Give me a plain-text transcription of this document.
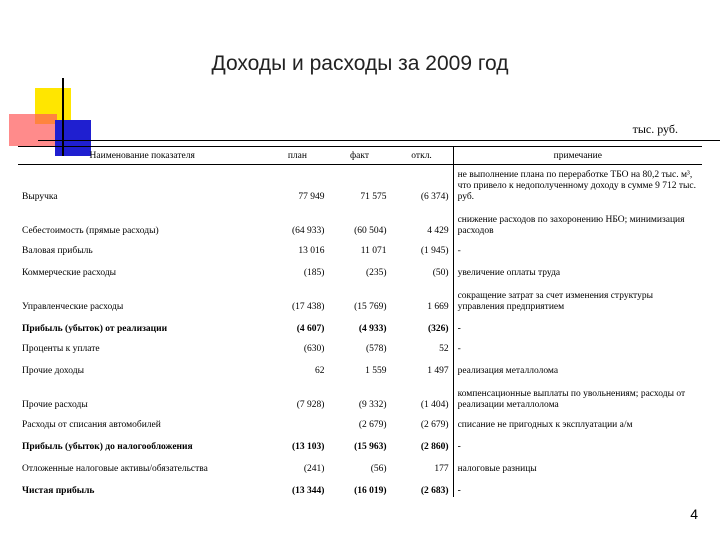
Доходы и расходы за 2009 год
тыс. руб.
Наименование показателя	план	факт	откл.	примечание
Выручка	77 949	71 575	(6 374)	не выполнение плана по переработке ТБО на 80,2 тыс. м³, что привело к недополученному доходу в сумме 9 712 тыс. руб.
Себестоимость (прямые расходы)	(64 933)	(60 504)	4 429	снижение расходов по захоронению НБО; минимизация расходов
Валовая прибыль	13 016	11 071	(1 945)	-
Коммерческие расходы	(185)	(235)	(50)	увеличение оплаты труда
Управленческие расходы	(17 438)	(15 769)	1 669	сокращение затрат за счет изменения структуры управления предприятием
Прибыль (убыток) от реализации	(4 607)	(4 933)	(326)	-
Проценты к уплате	(630)	(578)	52	-
Прочие доходы	62	1 559	1 497	реализация металлолома
Прочие расходы	(7 928)	(9 332)	(1 404)	компенсационные выплаты по увольнениям; расходы от реализации металлолома
Расходы от списания автомобилей		(2 679)	(2 679)	списание не пригодных к эксплуатации а/м
Прибыль (убыток) до налогообложения	(13 103)	(15 963)	(2 860)	-
Отложенные налоговые активы/обязательства	(241)	(56)	177	налоговые разницы
Чистая прибыль	(13 344)	(16 019)	(2 683)	-
4
